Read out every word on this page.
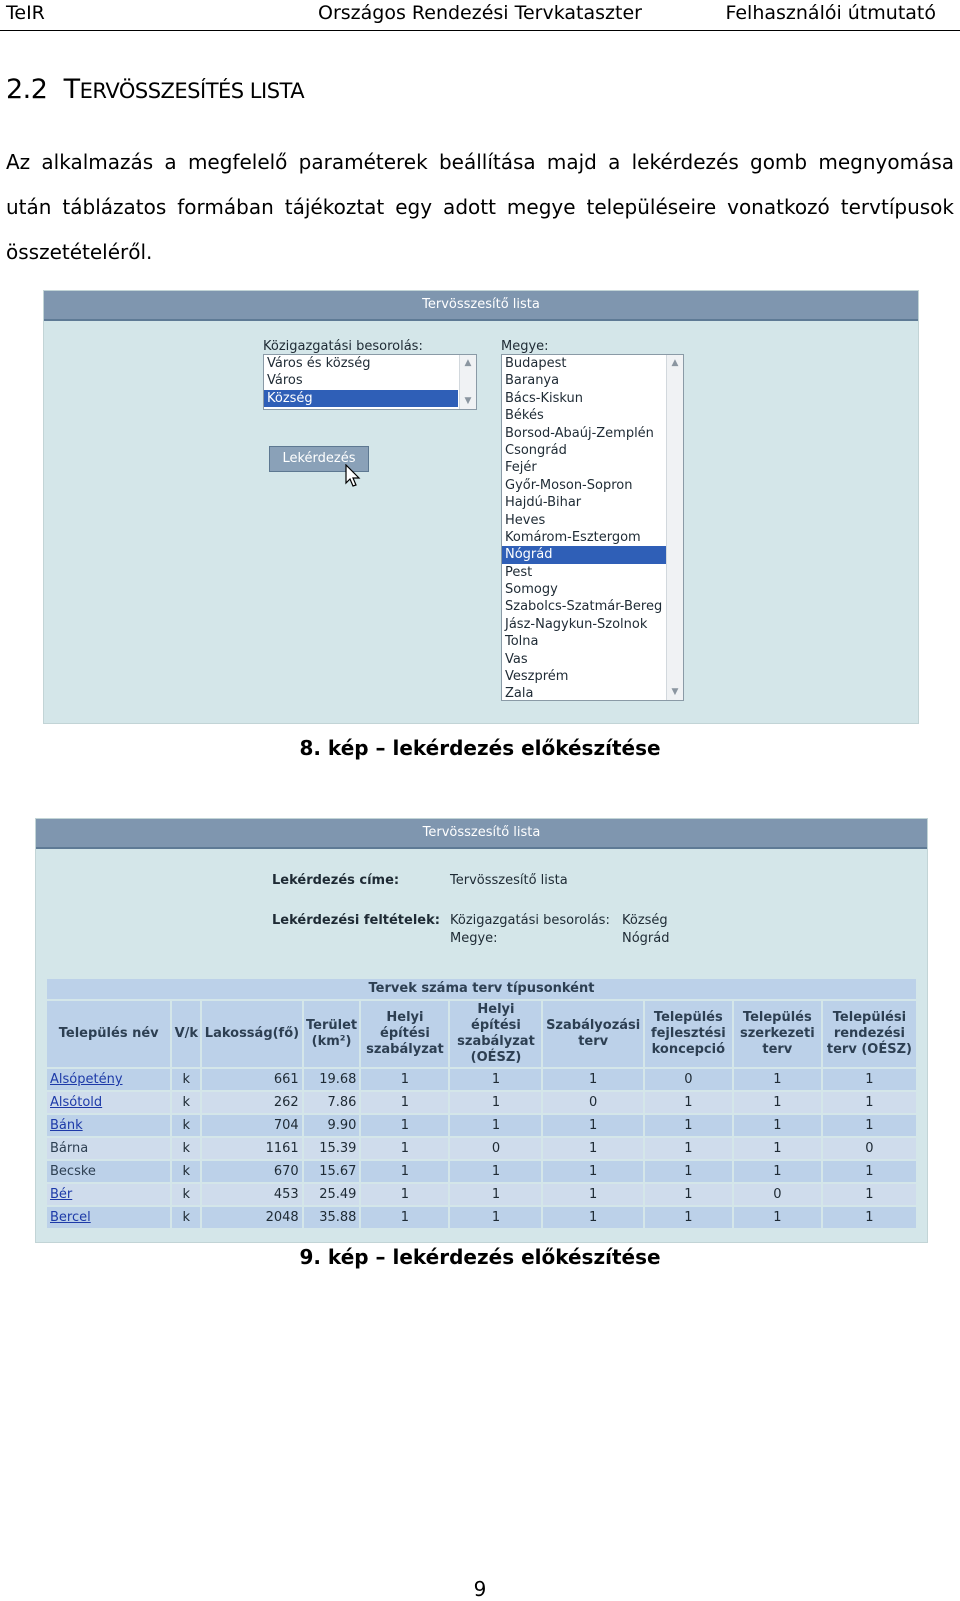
TeIR	Országos Rendezési Tervkataszter	Felhasználói útmutató
2.2 TERVÖSSZESÍTÉS LISTA

Az alkalmazás a megfelelő paraméterek beállítása majd a lekérdezés gomb megnyomása

után táblázatos formában tájékoztat egy adott megye településeire vonatkozó tervtípusok

összetételéről.

Tervösszesítő lista
Közigazgatási besorolás:
Város és község
Város
Község
▲
▼
Lekérdezés
Megye:
Budapest
Baranya
Bács-Kiskun
Békés
Borsod-Abaúj-Zemplén
Csongrád
Fejér
Győr-Moson-Sopron
Hajdú-Bihar
Heves
Komárom-Esztergom
Nógrád
Pest
Somogy
Szabolcs-Szatmár-Bereg
Jász-Nagykun-Szolnok
Tolna
Vas
Veszprém
Zala
▲
▼
8. kép – lekérdezés előkészítése
Tervösszesítő lista
Lekérdezés címe:	Tervösszesítő lista
Lekérdezési feltételek: Közigazgatási besorolás: Község
Megye:	Nógrád
Tervek száma terv típusonként									
Település név	V/k	Lakosság(fő)	Terület (km²)	Helyi építési szabályzat	Helyi építési szabályzat (OÉSZ)	Szabályozási terv	Település fejlesztési koncepció	Település szerkezeti terv	Települési rendezési terv (OÉSZ)
Alsópetény	k	661	19.68	1	1	1	0	1	1
Alsótold	k	262	7.86	1	1	0	1	1	1
Bánk	k	704	9.90	1	1	1	1	1	1
Bárna	k	1161	15.39	1	0	1	1	1	0
Becske	k	670	15.67	1	1	1	1	1	1
Bér	k	453	25.49	1	1	1	1	0	1
Bercel	k	2048	35.88	1	1	1	1	1	1
9. kép – lekérdezés előkészítése
9
